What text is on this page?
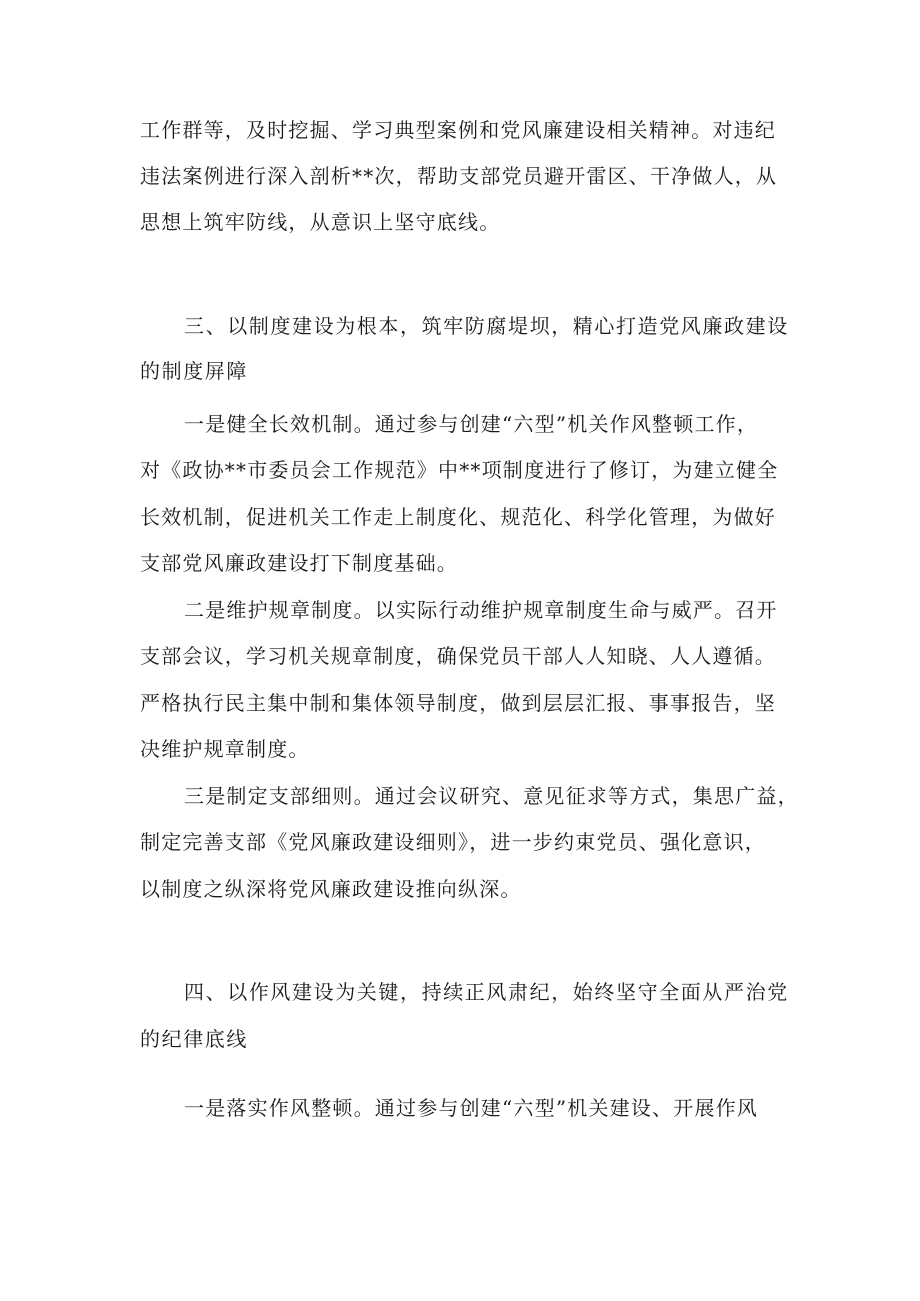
工作群等，及时挖掘、学习典型案例和党风廉建设相关精神。对违纪
违法案例进行深入剖析**次，帮助支部党员避开雷区、干净做人，从
思想上筑牢防线，从意识上坚守底线。
三、以制度建设为根本，筑牢防腐堤坝，精心打造党风廉政建设
的制度屏障
一是健全长效机制。通过参与创建“六型”机关作风整顿工作，
对《政协**市委员会工作规范》中**项制度进行了修订，为建立健全
长效机制，促进机关工作走上制度化、规范化、科学化管理，为做好
支部党风廉政建设打下制度基础。
二是维护规章制度。以实际行动维护规章制度生命与威严。召开
支部会议，学习机关规章制度，确保党员干部人人知晓、人人遵循。
严格执行民主集中制和集体领导制度，做到层层汇报、事事报告，坚
决维护规章制度。
三是制定支部细则。通过会议研究、意见征求等方式，集思广益，
制定完善支部《党风廉政建设细则》，进一步约束党员、强化意识，
以制度之纵深将党风廉政建设推向纵深。
四、以作风建设为关键，持续正风肃纪，始终坚守全面从严治党
的纪律底线
一是落实作风整顿。通过参与创建“六型”机关建设、开展作风
